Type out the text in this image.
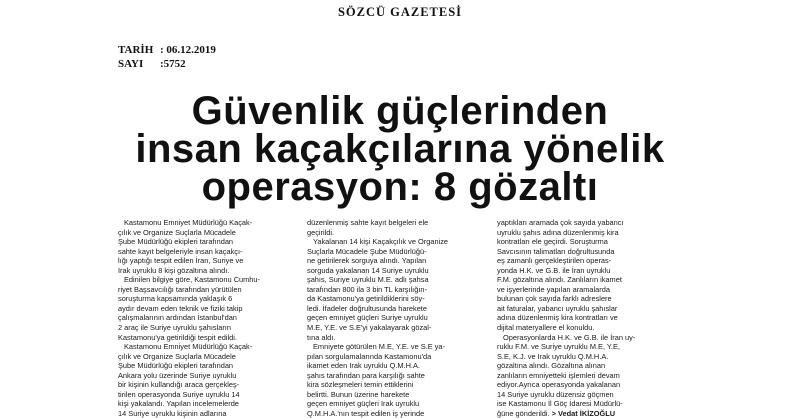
SÖZCÜ GAZETESİ
TARİH : 06.12.2019
SAYI :5752
Güvenlik güçlerinden
insan kaçakçılarına yönelik
operasyon: 8 gözaltı
Kastamonu Emniyet Müdürlüğü Kaçak-
çılık ve Organize Suçlarla Mücadele
Şube Müdürlüğü ekipleri tarafından
sahte kayıt belgeleriyle insan kaçakçı-
lığı yaptığı tespit edilen İran, Suriye ve
Irak uyruklu 8 kişi gözaltına alındı.
Edinilen bilgiye göre, Kastamonu Cumhu-
riyet Başsavcılığı tarafından yürütülen
soruşturma kapsamında yaklaşık 6
aydır devam eden teknik ve fiziki takip
çalışmalarının ardından İstanbul'dan
2 araç ile Suriye uyruklu şahısların
Kastamonu'ya getirildiği tespit edildi.
Kastamonu Emniyet Müdürlüğü Kaçak-
çılık ve Organize Suçlarla Mücadele
Şube Müdürlüğü ekipleri tarafından
Ankara yolu üzerinde Suriye uyruklu
bir kişinin kullandığı araca gerçekleş-
tirilen operasyonda Suriye uyruklu 14
kişi yakalandı. Yapılan incelemelerde
14 Suriye uyruklu kişinin adlarına
düzenlenmiş sahte kayıt belgeleri ele
geçirildi.
Yakalanan 14 kişi Kaçakçılık ve Organize
Suçlarla Mücadele Şube Müdürlüğü-
ne getirilerek sorguya alındı. Yapılan
sorguda yakalanan 14 Suriye uyruklu
şahıs, Suriye uyruklu M.E. adlı şahsa
tarafından 800 ila 3 bin TL karşılığın-
da Kastamonu'ya getirildiklerini söy-
ledi. İfadeler doğrultusunda harekete
geçen emniyet güçleri Suriye uyruklu
M.E, Y.E. ve S.E'yi yakalayarak gözal-
tına aldı.
Emniyete götürülen M.E, Y.E. ve S.E ya-
pılan sorgulamalarında Kastamonu'da
ikamet eden Irak uyruklu Q.M.H.A.
şahıs tarafından para karşılığı sahte
kira sözleşmeleri temin ettiklerini
belirtti. Bunun üzerine harekete
geçen emniyet güçleri Irak uyruklu
Q.M.H.A.'nın tespit edilen iş yerinde
yaptıkları aramada çok sayıda yabancı
uyruklu şahıs adına düzenlenmiş kira
kontratları ele geçirdi. Soruşturma
Savcısının talimatları doğrultusunda
eş zamanlı gerçekleştirilen operas-
yonda H.K. ve G.B. ile İran uyruklu
F.M. gözaltına alındı. Zanlıların ikamet
ve işyerlerinde yapılan aramalarda
bulunan çok sayıda farklı adreslere
ait faturalar, yabancı uyruklu şahıslar
adına düzenlenmiş kira kontratları ve
dijital materyallere el konuldu.
Operasyonlarda H.K. ve G.B. ile İran uy-
ruklu F.M. ve Suriye uyruklu M.E, Y.E,
S.E, K.J. ve Irak uyruklu Q.M.H.A.
gözaltına alındı. Gözaltına alınan
zanlıların emniyetteki işlemleri devam
ediyor.Ayrıca operasyonda yakalanan
14 Suriye uyruklu düzensiz göçmen
ise Kastamonu İl Göç İdaresi Müdürlü-
ğüne gönderildi. > Vedat İKİZOĞLU
